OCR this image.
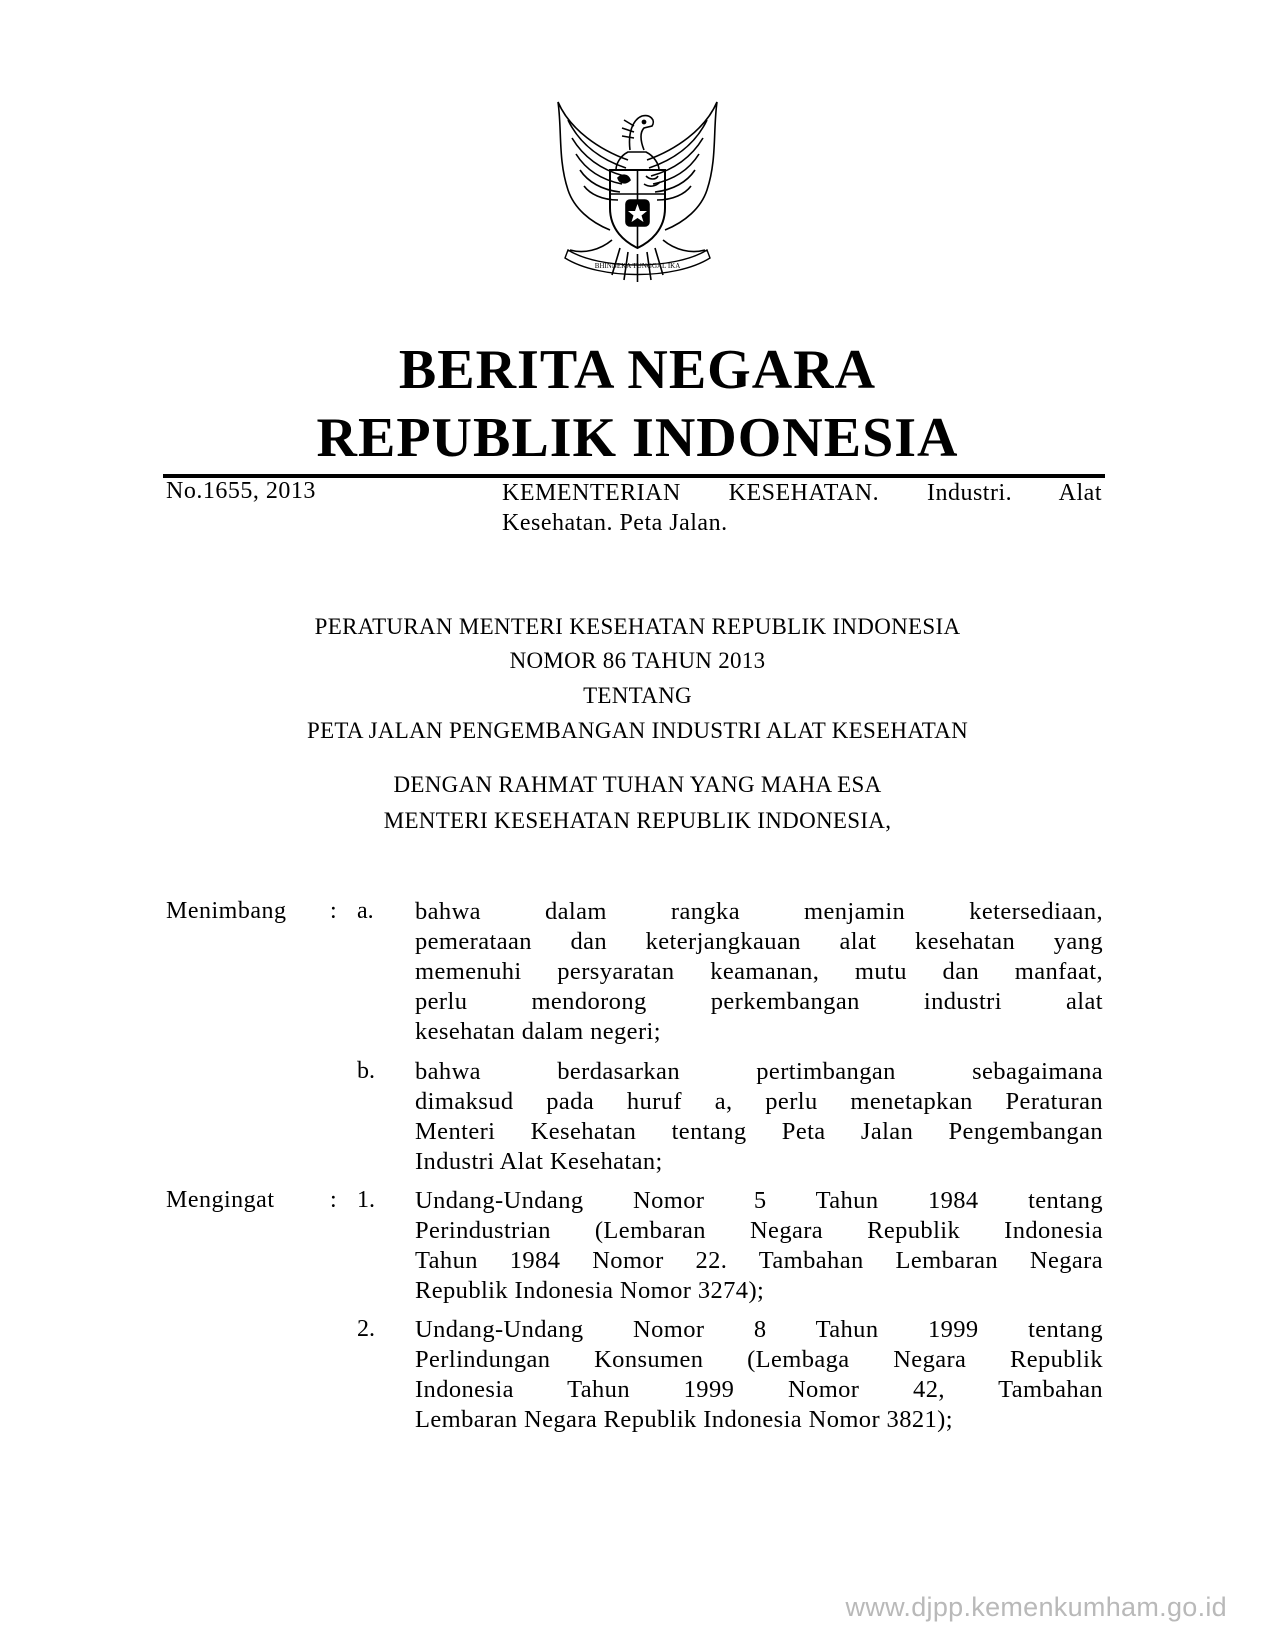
BHINNEKA TUNGGAL IKA
BERITA NEGARA
REPUBLIK INDONESIA
No.1655, 2013	KEMENTERIAN KESEHATAN. Industri. Alat
Kesehatan. Peta Jalan.
PERATURAN MENTERI KESEHATAN REPUBLIK INDONESIA
NOMOR 86 TAHUN 2013
TENTANG
PETA JALAN PENGEMBANGAN INDUSTRI ALAT KESEHATAN
DENGAN RAHMAT TUHAN YANG MAHA ESA
MENTERI KESEHATAN REPUBLIK INDONESIA,
Menimbang : a. bahwa dalam rangka menjamin ketersediaan,
pemerataan dan keterjangkauan alat kesehatan yang
memenuhi persyaratan keamanan, mutu dan manfaat,
perlu mendorong perkembangan industri alat
kesehatan dalam negeri;
b. bahwa berdasarkan pertimbangan sebagaimana
dimaksud pada huruf a, perlu menetapkan Peraturan
Menteri Kesehatan tentang Peta Jalan Pengembangan
Industri Alat Kesehatan;
Mengingat : 1. Undang-Undang Nomor 5 Tahun 1984 tentang
Perindustrian (Lembaran Negara Republik Indonesia
Tahun 1984 Nomor 22. Tambahan Lembaran Negara
Republik Indonesia Nomor 3274);
2. Undang-Undang Nomor 8 Tahun 1999 tentang
Perlindungan Konsumen (Lembaga Negara Republik
Indonesia Tahun 1999 Nomor 42, Tambahan
Lembaran Negara Republik Indonesia Nomor 3821);
www.djpp.kemenkumham.go.id
